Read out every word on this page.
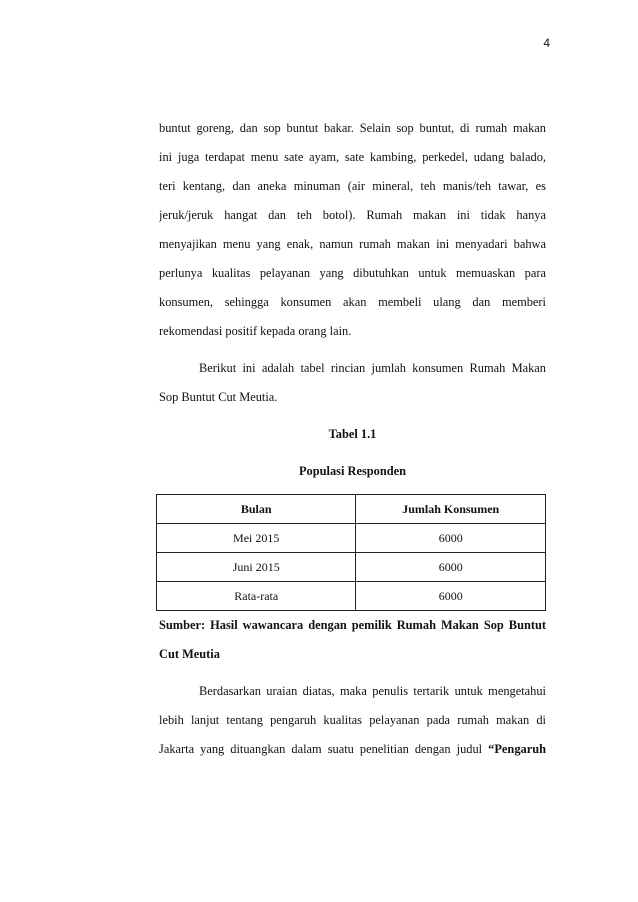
4
buntut goreng, dan sop buntut bakar. Selain sop buntut, di rumah makan
ini juga terdapat menu sate ayam, sate kambing, perkedel, udang balado,
teri kentang, dan aneka minuman (air mineral, teh manis/teh tawar, es
jeruk/jeruk hangat dan teh botol). Rumah makan ini tidak hanya
menyajikan menu yang enak, namun rumah makan ini menyadari bahwa
perlunya kualitas pelayanan yang dibutuhkan untuk memuaskan para
konsumen, sehingga konsumen akan membeli ulang dan memberi
rekomendasi positif kepada orang lain.
Berikut ini adalah tabel rincian jumlah konsumen Rumah Makan
Sop Buntut Cut Meutia.
Tabel 1.1
Populasi Responden
Bulan	Jumlah Konsumen
Mei 2015	6000
Juni 2015	6000
Rata-rata	6000
Sumber: Hasil wawancara dengan pemilik Rumah Makan Sop Buntut
Cut Meutia
Berdasarkan uraian diatas, maka penulis tertarik untuk mengetahui
lebih lanjut tentang pengaruh kualitas pelayanan pada rumah makan di
Jakarta yang dituangkan dalam suatu penelitian dengan judul “Pengaruh
